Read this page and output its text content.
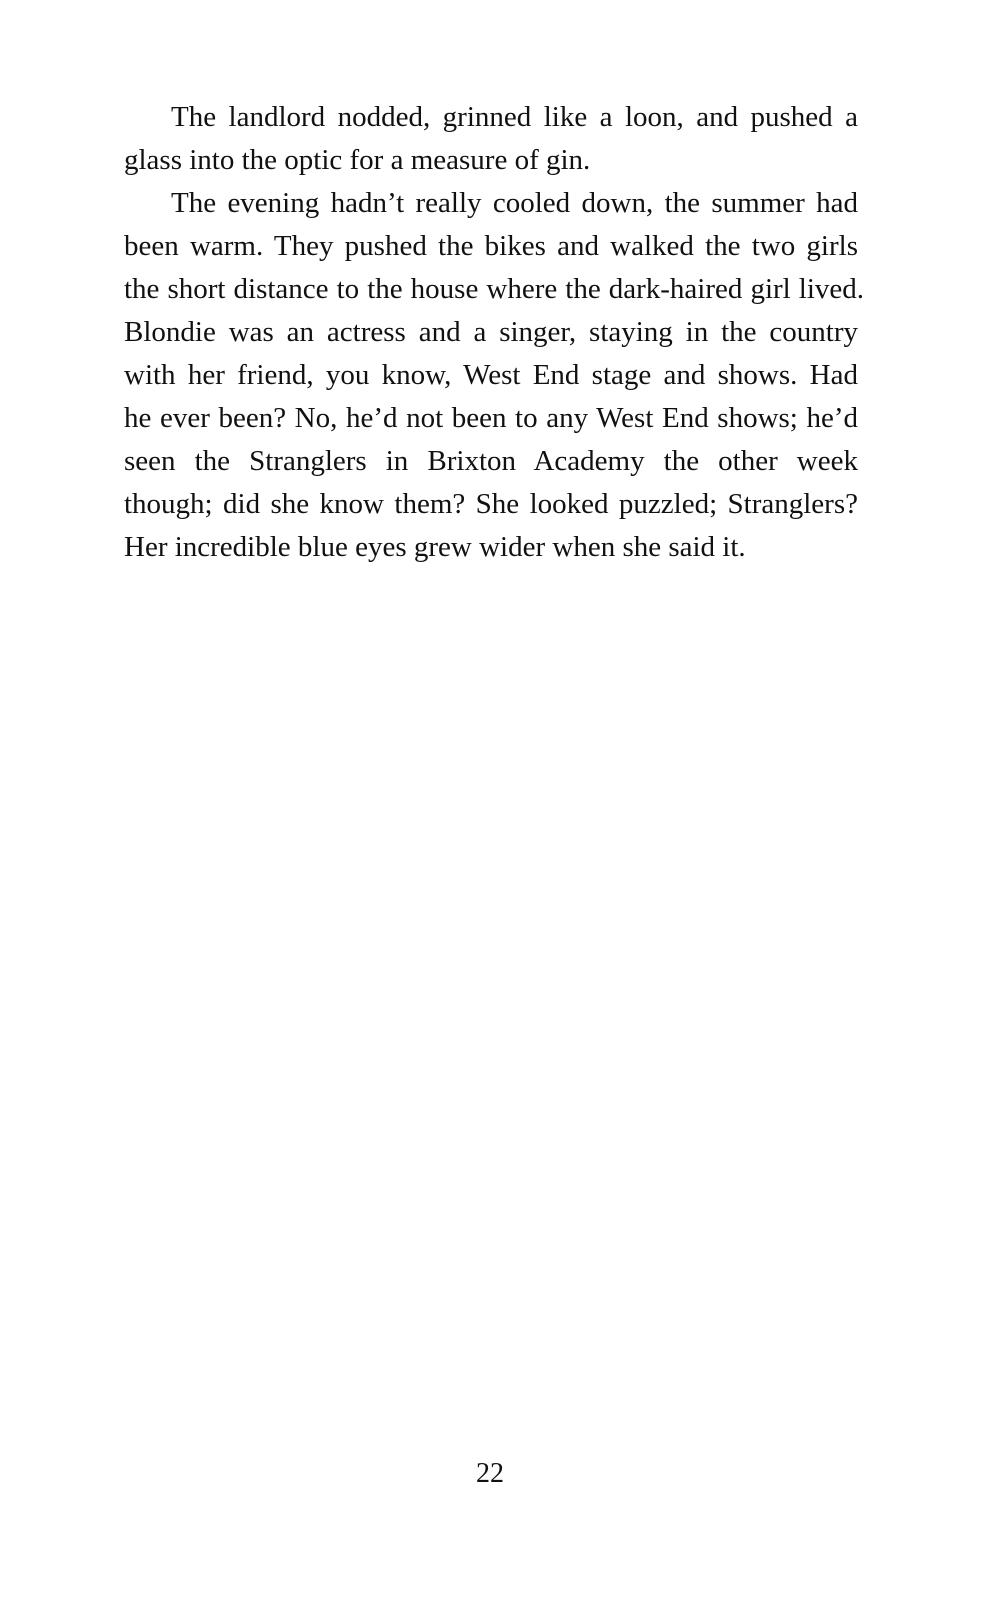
The landlord nodded, grinned like a loon, and pushed a
glass into the optic for a measure of gin.
The evening hadn’t really cooled down, the summer had
been warm. They pushed the bikes and walked the two girls
the short distance to the house where the dark-haired girl lived.
Blondie was an actress and a singer, staying in the country
with her friend, you know, West End stage and shows. Had
he ever been? No, he’d not been to any West End shows; he’d
seen the Stranglers in Brixton Academy the other week
though; did she know them? She looked puzzled; Stranglers?
Her incredible blue eyes grew wider when she said it.
22
